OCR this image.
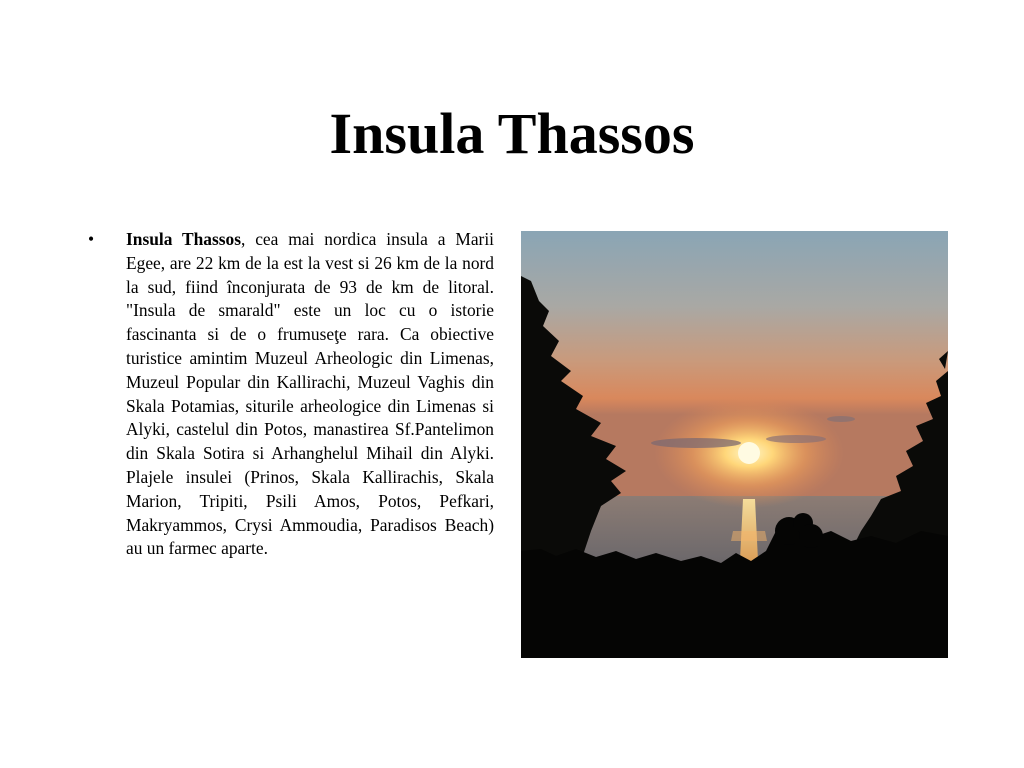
Insula Thassos

• Insula Thassos, cea mai nordica insula a Marii Egee, are 22 km de la est la vest si 26 km de la nord la sud, fiind înconjurata de 93 de km de litoral. "Insula de smarald" este un loc cu o istorie fascinanta si de o frumuseţe rara. Ca obiective turistice amintim Muzeul Arheologic din Limenas, Muzeul Popular din Kallirachi, Muzeul Vaghis din Skala Potamias, siturile arheologice din Limenas si Alyki, castelul din Potos, manastirea Sf.Pantelimon din Skala Sotira si Arhanghelul Mihail din Alyki. Plajele insulei (Prinos, Skala Kallirachis, Skala Marion, Tripiti, Psili Amos, Potos, Pefkari, Makryammos, Crysi Ammoudia, Paradisos Beach) au un farmec aparte.
